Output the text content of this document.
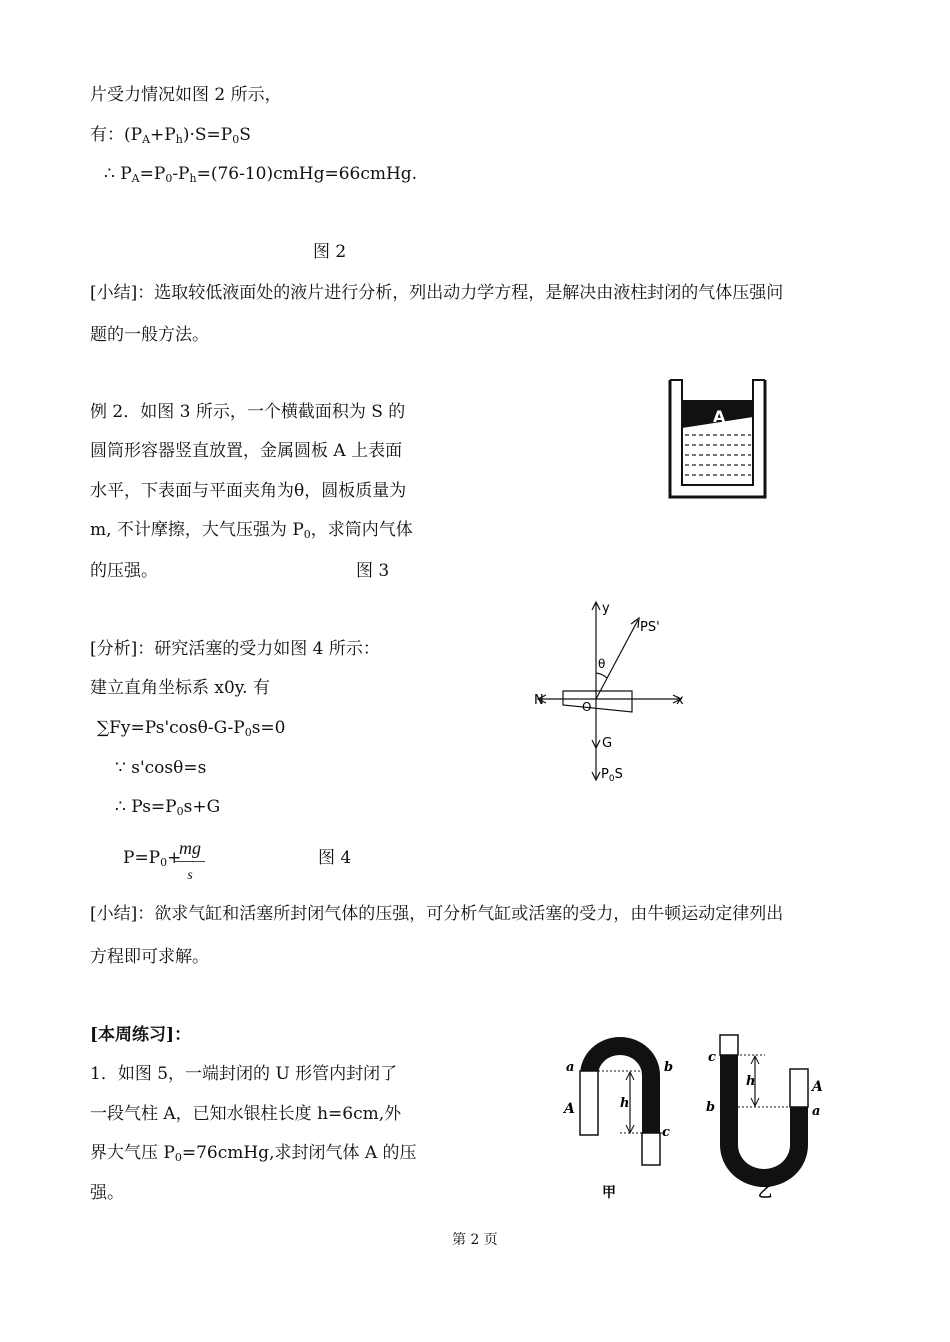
片受力情况如图 2 所示，
有：$(P_A+P_h)\cdot S=P_0S$
∴ $P_A=P_0-P_h=(76-10)cmHg=66cmHg$.
图 2
[小结]：选取较低液面处的液片进行分析，列出动力学方程，是解决由液柱封闭的气体压强问
题的一般方法。
例 2．如图 3 所示，一个横截面积为 S 的
圆筒形容器竖直放置，金属圆板 A 上表面
水平，下表面与平面夹角为θ，圆板质量为
m, 不计摩擦，大气压强为 $P_0$，求筒内气体
的压强。	图 3
A
[分析]：研究活塞的受力如图 4 所示：
建立直角坐标系 x0y. 有
$\sum Fy=Ps'\cos\theta-G-P_0s=0$
∵ s'cosθ=s
∴ $Ps=P_0s+G$
$P=P_0+$
mg
s
图 4
y
x
PS'
θ
N	O
G
$P_0S$
[小结]：欲求气缸和活塞所封闭气体的压强，可分析气缸或活塞的受力，由牛顿运动定律列出
方程即可求解。
[本周练习]：
1．如图 5，一端封闭的 U 形管内封闭了
一段气柱 A，已知水银柱长度 h=6cm,外
界大气压 $P_0=76cmHg$,求封闭气体 A 的压
强。
a	b
c
h
A
甲
c
b
h	A
a
乙
第 2 页
